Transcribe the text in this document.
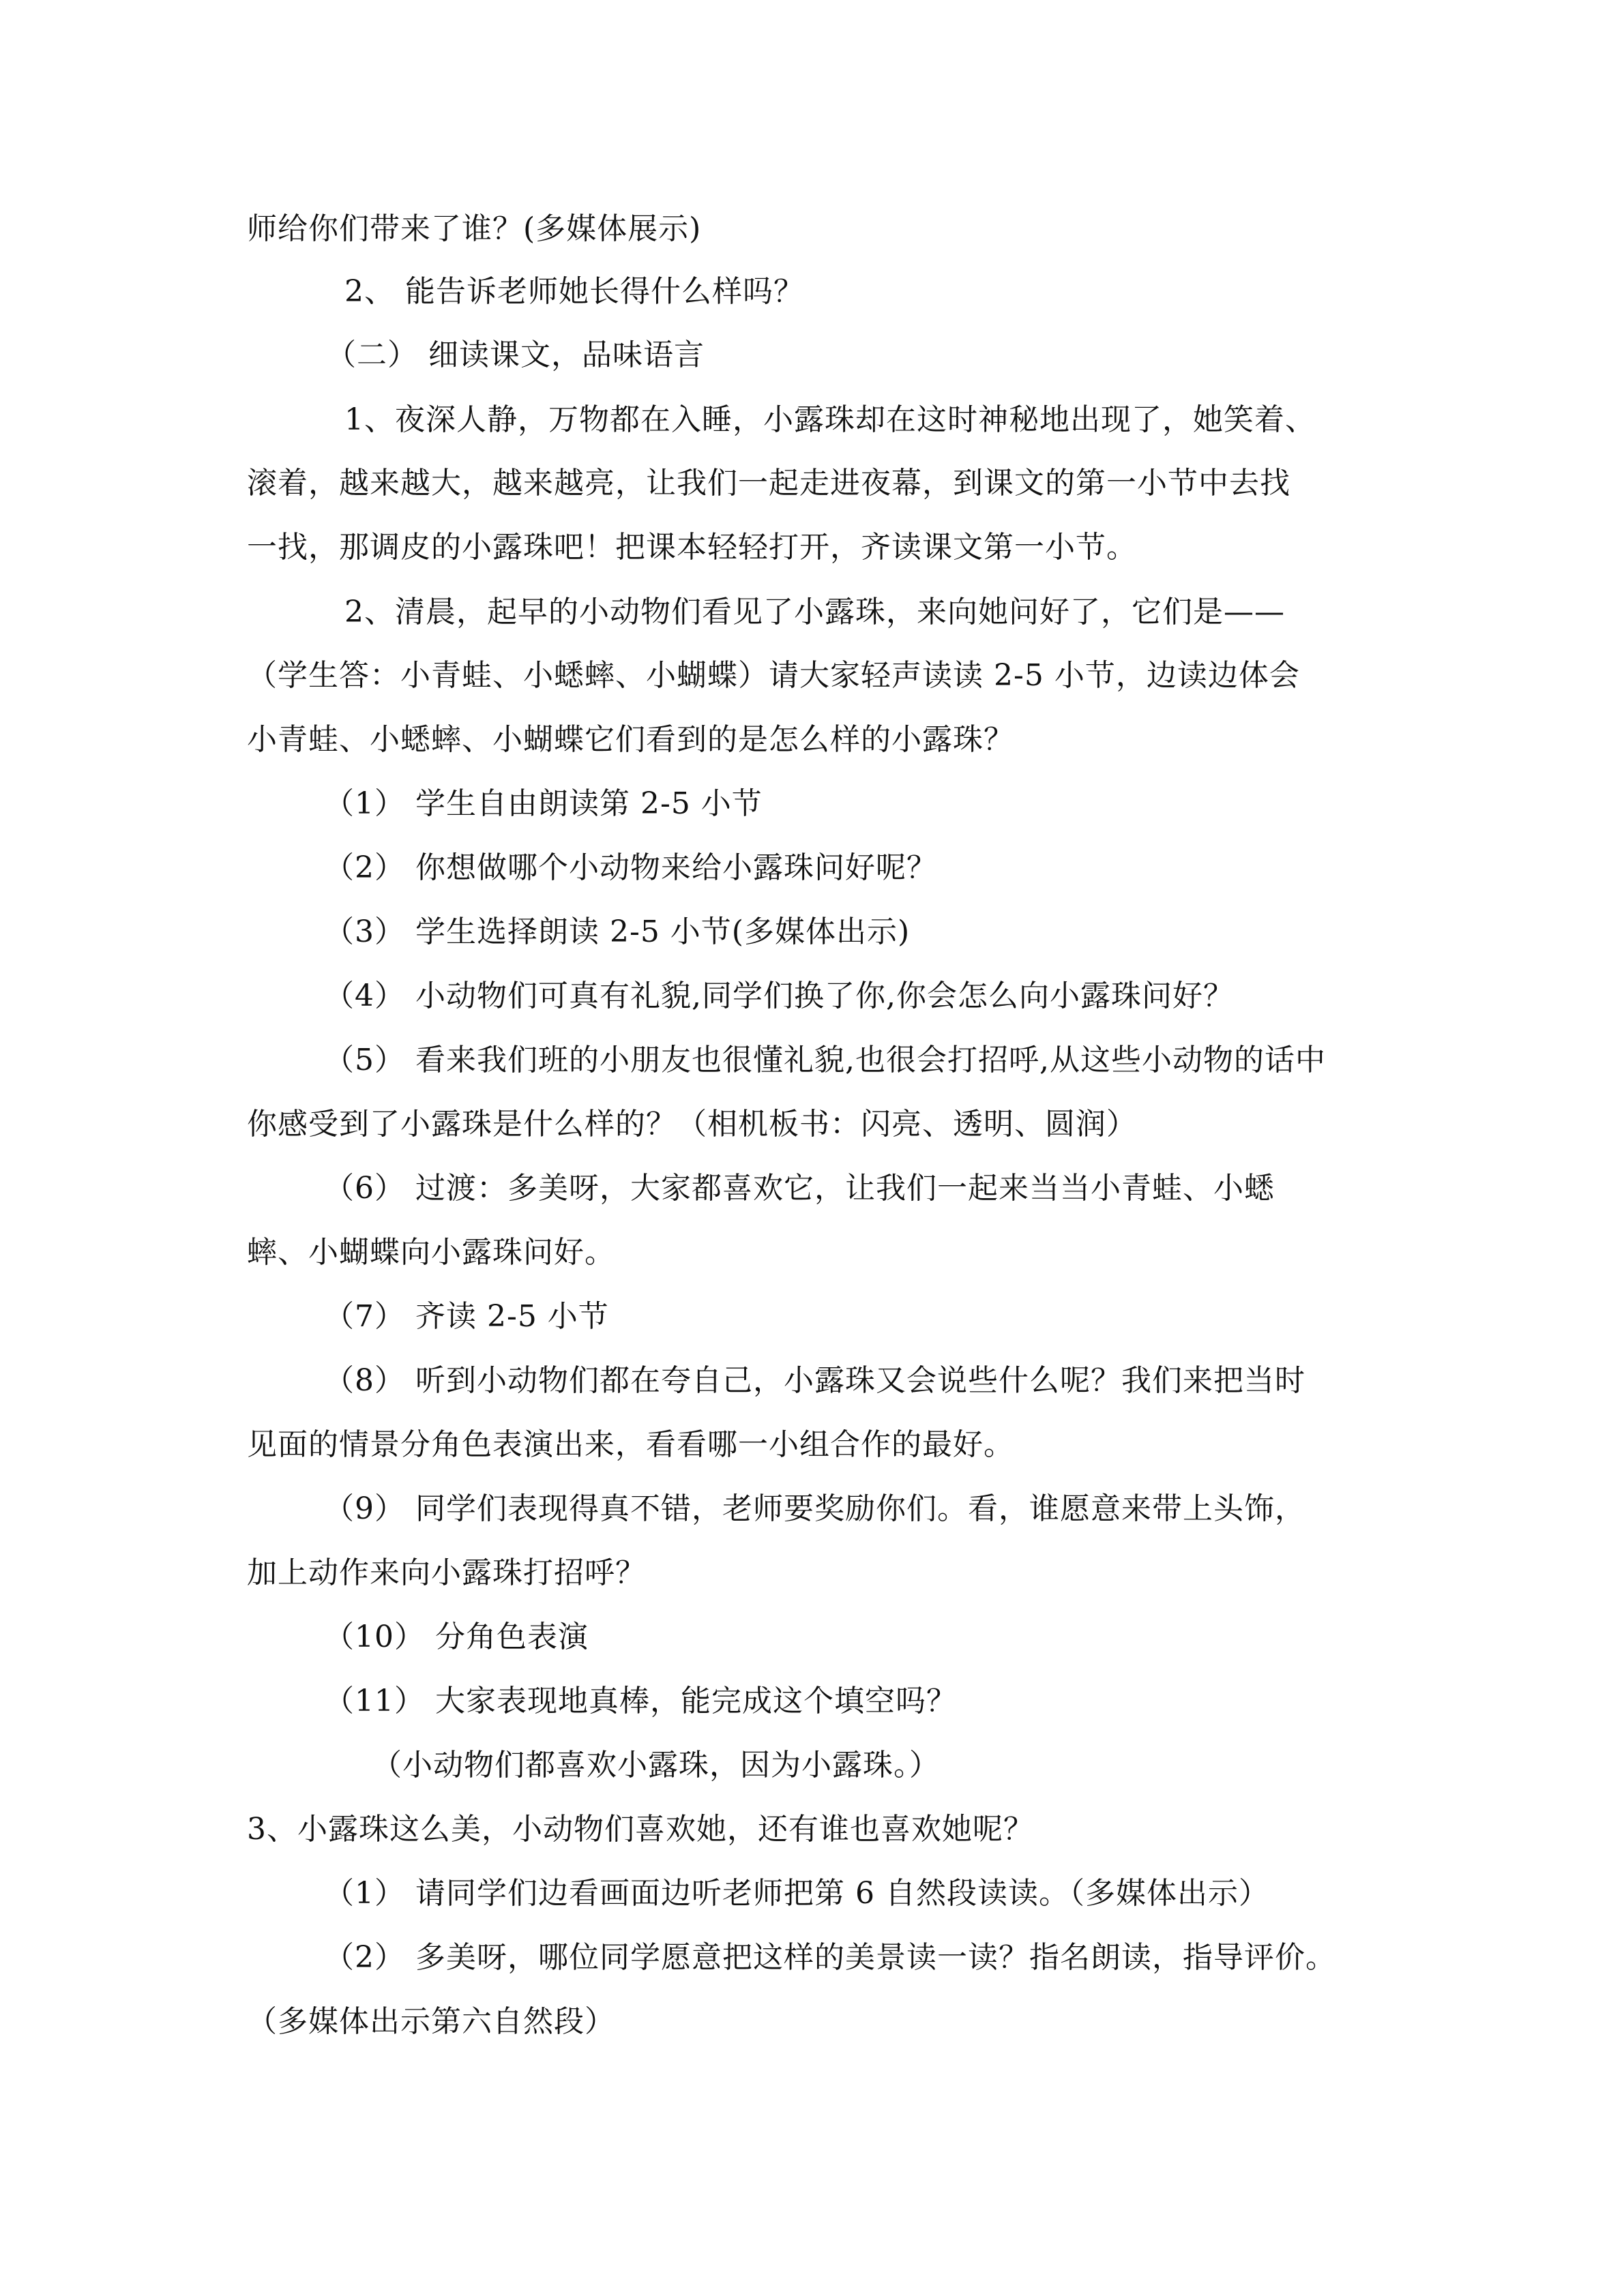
师给你们带来了谁？(多媒体展示)
2、 能告诉老师她长得什么样吗？
（二） 细读课文，品味语言
1、夜深人静，万物都在入睡，小露珠却在这时神秘地出现了，她笑着、
滚着，越来越大，越来越亮，让我们一起走进夜幕，到课文的第一小节中去找
一找，那调皮的小露珠吧！把课本轻轻打开，齐读课文第一小节。
2、清晨，起早的小动物们看见了小露珠，来向她问好了，它们是——
（学生答：小青蛙、小蟋蟀、小蝴蝶）请大家轻声读读 2-5 小节，边读边体会
小青蛙、小蟋蟀、小蝴蝶它们看到的是怎么样的小露珠？
（1） 学生自由朗读第 2-5 小节
（2） 你想做哪个小动物来给小露珠问好呢？
（3） 学生选择朗读 2-5 小节(多媒体出示)
（4） 小动物们可真有礼貌,同学们换了你,你会怎么向小露珠问好？
（5） 看来我们班的小朋友也很懂礼貌,也很会打招呼,从这些小动物的话中
你感受到了小露珠是什么样的？（相机板书：闪亮、透明、圆润）
（6） 过渡：多美呀，大家都喜欢它，让我们一起来当当小青蛙、小蟋
蟀、小蝴蝶向小露珠问好。
（7） 齐读 2-5 小节
（8） 听到小动物们都在夸自己，小露珠又会说些什么呢？我们来把当时
见面的情景分角色表演出来，看看哪一小组合作的最好。
（9） 同学们表现得真不错，老师要奖励你们。看，谁愿意来带上头饰，
加上动作来向小露珠打招呼？
（10） 分角色表演
（11） 大家表现地真棒，能完成这个填空吗？
（小动物们都喜欢小露珠，因为小露珠。）
3、小露珠这么美，小动物们喜欢她，还有谁也喜欢她呢？
（1） 请同学们边看画面边听老师把第 6 自然段读读。（多媒体出示）
（2） 多美呀，哪位同学愿意把这样的美景读一读？指名朗读，指导评价。
（多媒体出示第六自然段）
